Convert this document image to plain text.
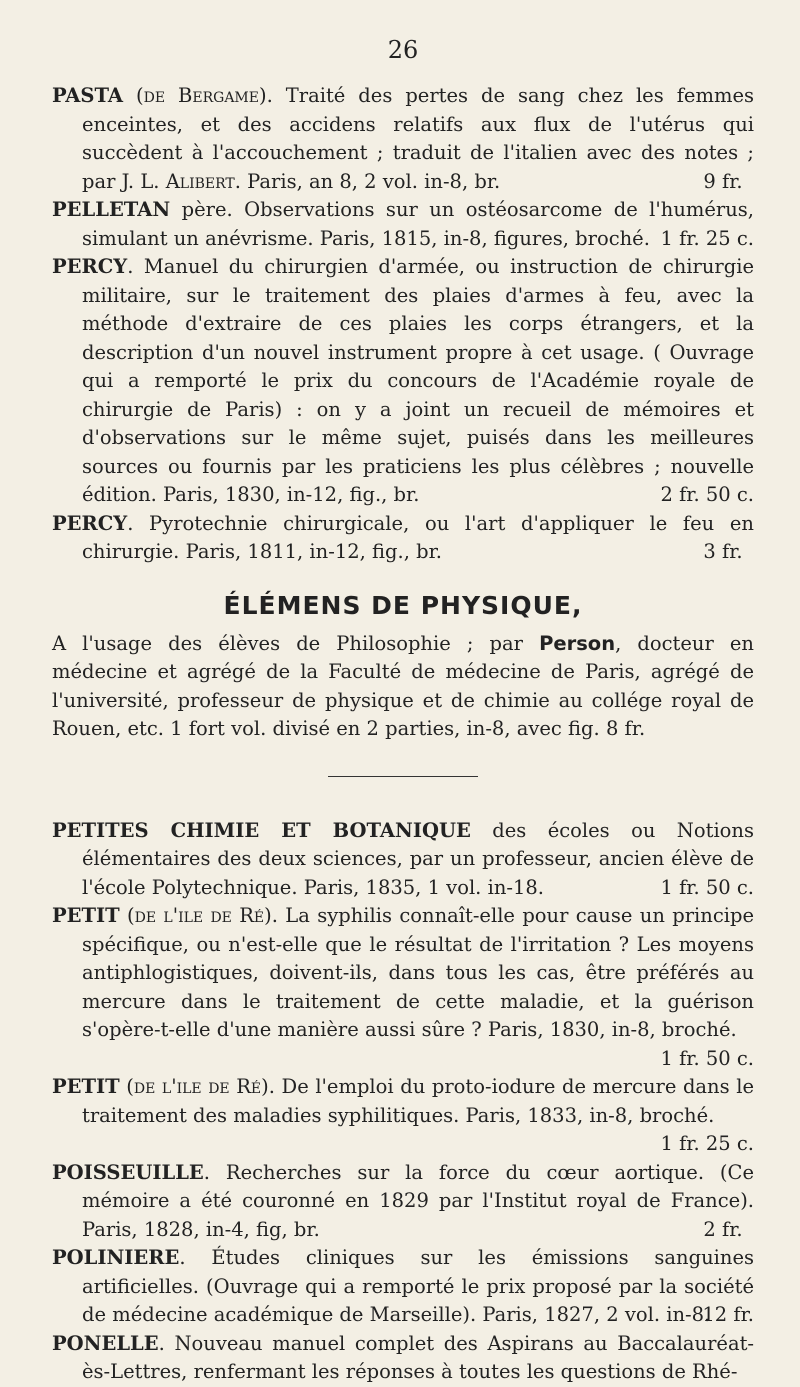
26

PASTA (de Bergame). Traité des pertes de sang chez les femmes enceintes, et des accidens relatifs aux flux de l'utérus qui succèdent à l'accouchement ; traduit de l'italien avec des notes ; par J. L. Alibert. Paris, an 8, 2 vol. in-8, br.	9 fr.

PELLETAN père. Observations sur un ostéosarcome de l'humérus, simulant un anévrisme. Paris, 1815, in-8, figures, broché. 1 fr. 25 c.

PERCY. Manuel du chirurgien d'armée, ou instruction de chirurgie militaire, sur le traitement des plaies d'armes à feu, avec la méthode d'extraire de ces plaies les corps étrangers, et la description d'un nouvel instrument propre à cet usage. ( Ouvrage qui a remporté le prix du concours de l'Académie royale de chirurgie de Paris) : on y a joint un recueil de mémoires et d'observations sur le même sujet, puisés dans les meilleures sources ou fournis par les praticiens les plus célèbres ; nouvelle édition. Paris, 1830, in-12, fig., br.	2 fr. 50 c.

PERCY. Pyrotechnie chirurgicale, ou l'art d'appliquer le feu en chirurgie. Paris, 1811, in-12, fig., br.	3 fr.

ÉLÉMENS DE PHYSIQUE,

A l'usage des élèves de Philosophie ; par Person, docteur en médecine et agrégé de la Faculté de médecine de Paris, agrégé de l'université, professeur de physique et de chimie au collége royal de Rouen, etc. 1 fort vol. divisé en 2 parties, in-8, avec fig. 8 fr.

PETITES CHIMIE ET BOTANIQUE des écoles ou Notions élémentaires des deux sciences, par un professeur, ancien élève de l'école Polytechnique. Paris, 1835, 1 vol. in-18.	1 fr. 50 c.

PETIT (de l'ile de Ré). La syphilis connaît-elle pour cause un principe spécifique, ou n'est-elle que le résultat de l'irritation ? Les moyens antiphlogistiques, doivent-ils, dans tous les cas, être préférés au mercure dans le traitement de cette maladie, et la guérison s'opère-t-elle d'une manière aussi sûre ? Paris, 1830, in-8, broché.
1 fr. 50 c.

PETIT (de l'ile de Ré). De l'emploi du proto-iodure de mercure dans le traitement des maladies syphilitiques. Paris, 1833, in-8, broché.
1 fr. 25 c.

POISSEUILLE. Recherches sur la force du cœur aortique. (Ce mémoire a été couronné en 1829 par l'Institut royal de France). Paris, 1828, in-4, fig, br.	2 fr.

POLINIERE. Études cliniques sur les émissions sanguines artificielles. (Ouvrage qui a remporté le prix proposé par la société de médecine académique de Marseille). Paris, 1827, 2 vol. in-8.
12 fr.

PONELLE. Nouveau manuel complet des Aspirans au Baccalauréat-ès-Lettres, renfermant les réponses à toutes les questions de Rhé-
